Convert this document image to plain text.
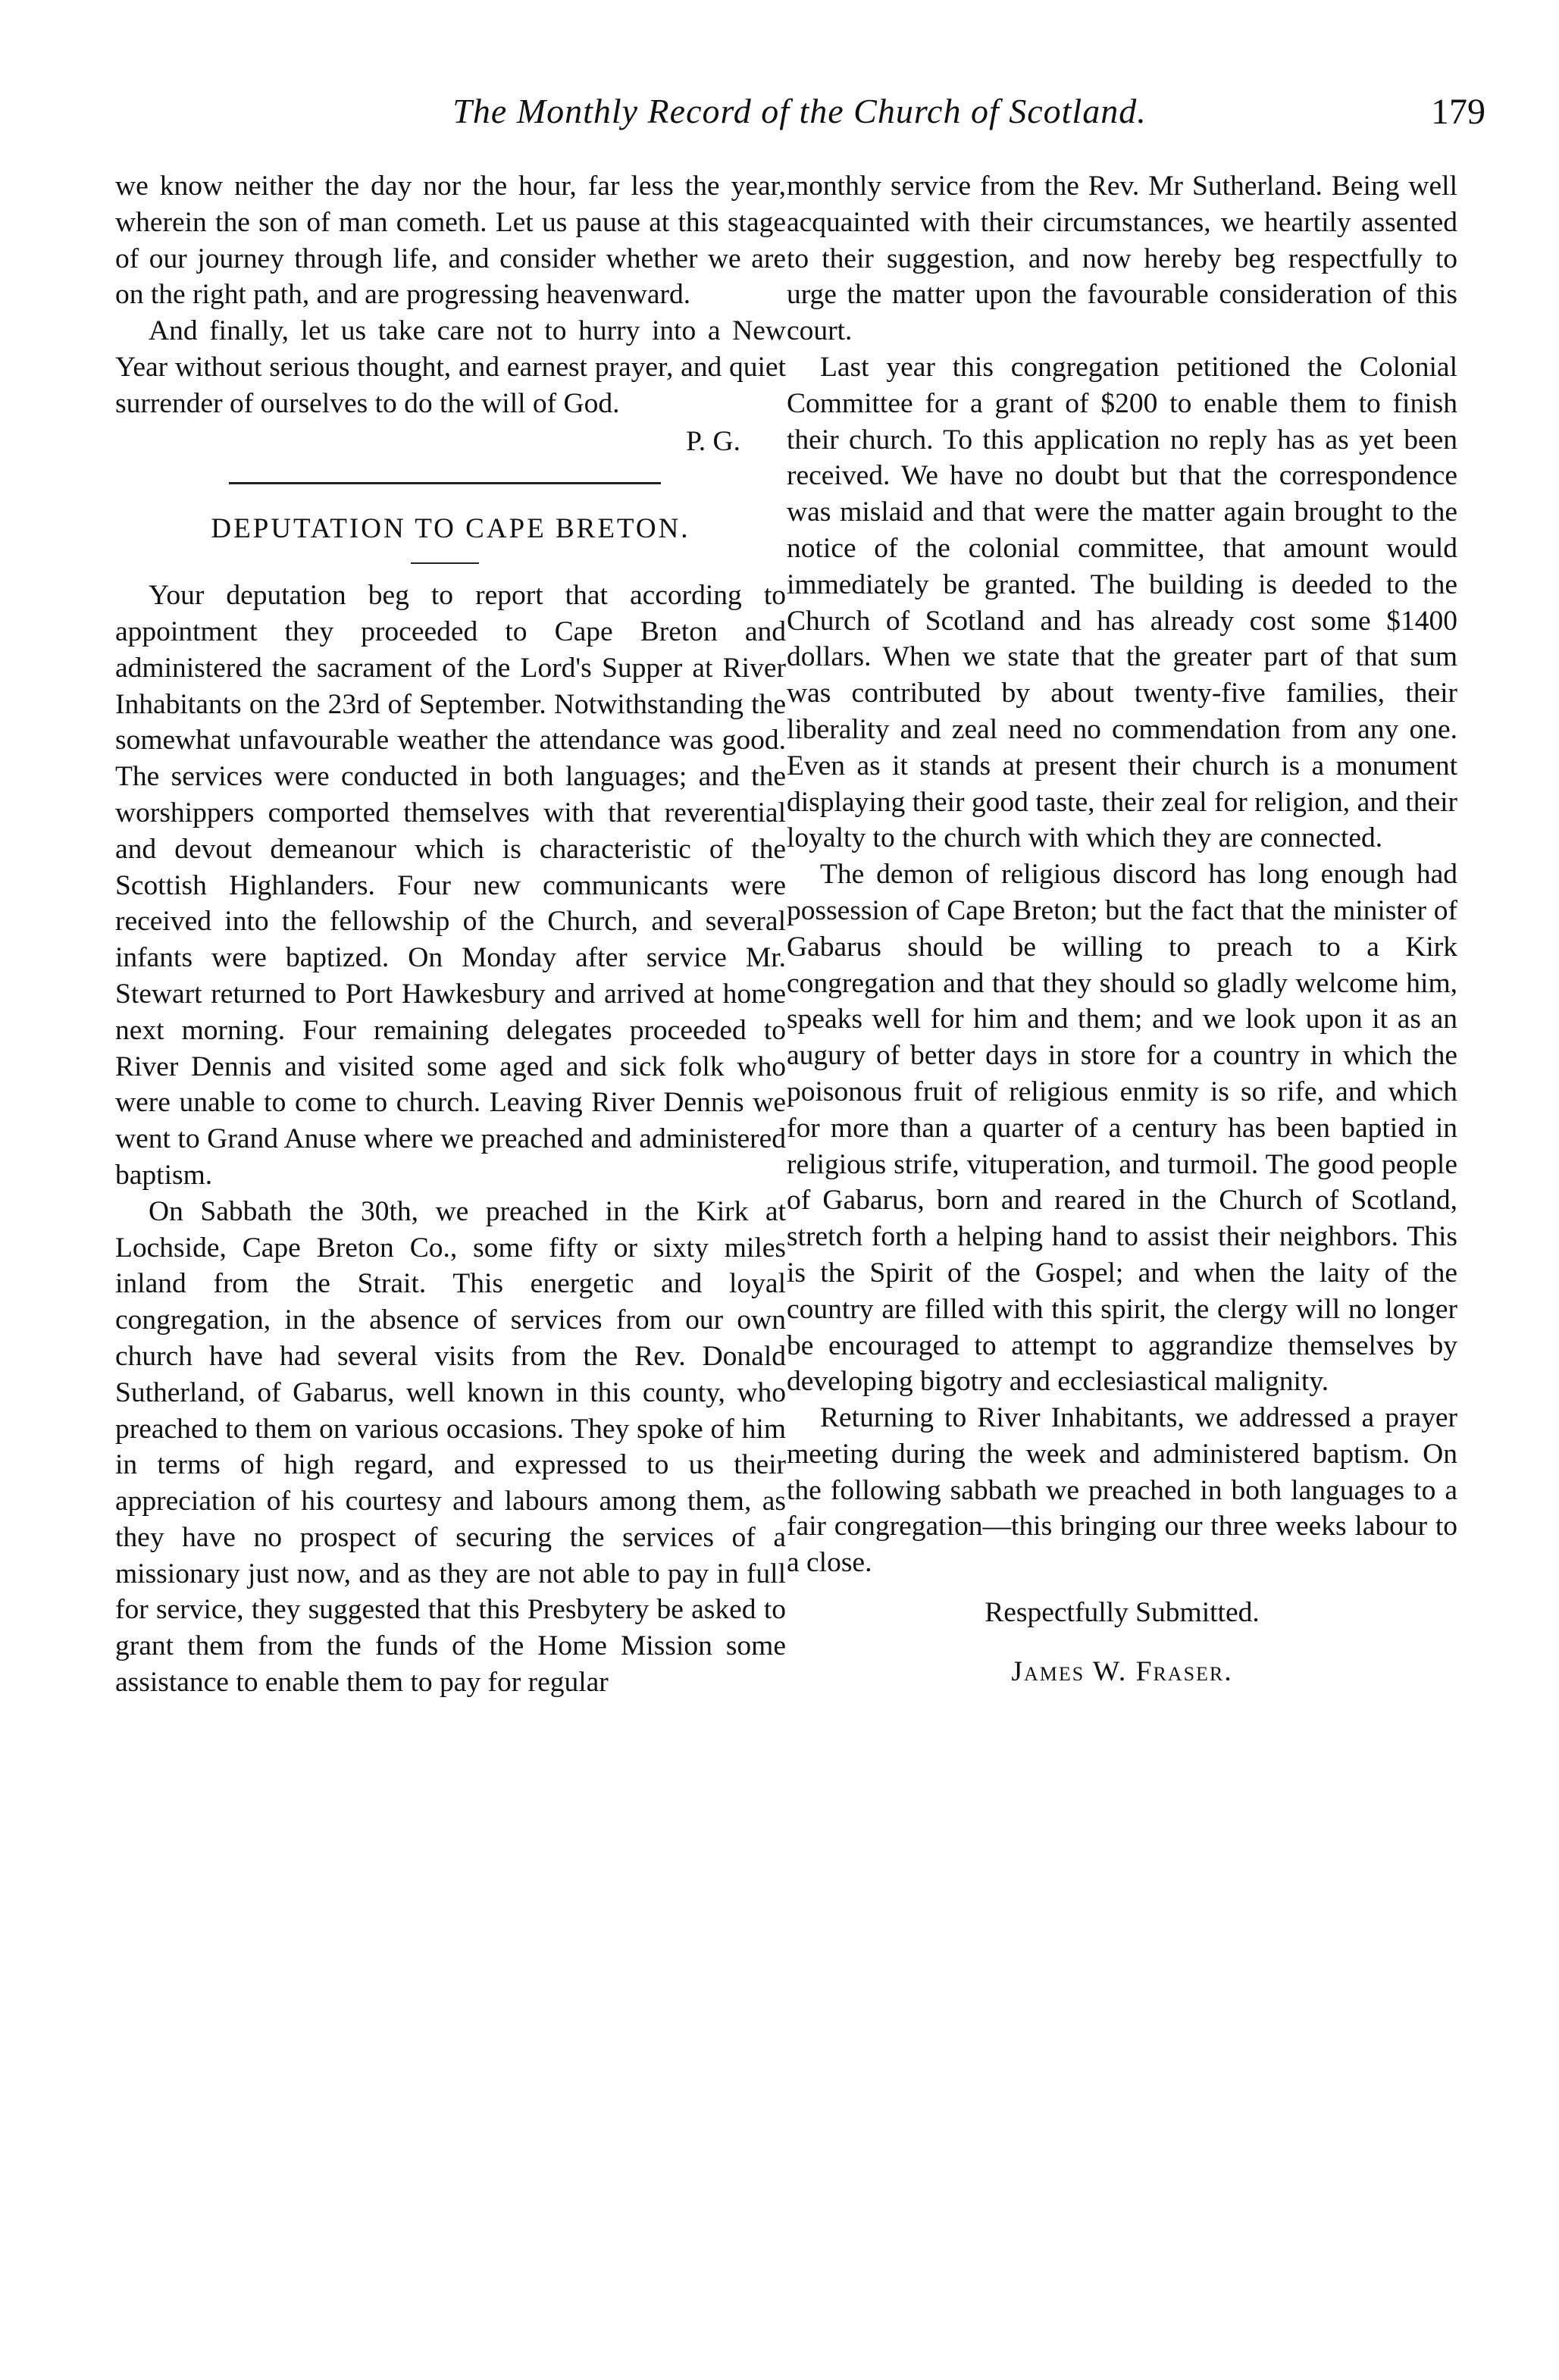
The Monthly Record of the Church of Scotland.	179

we know neither the day nor the hour, far less the year, wherein the son of man cometh. Let us pause at this stage of our journey through life, and consider whether we are on the right path, and are progressing heavenward.

And finally, let us take care not to hurry into a New Year without serious thought, and earnest prayer, and quiet surrender of ourselves to do the will of God.

P. G.
DEPUTATION TO CAPE BRETON.

Your deputation beg to report that according to appointment they proceeded to Cape Breton and administered the sacrament of the Lord's Supper at River Inhabitants on the 23rd of September. Notwithstanding the somewhat unfavourable weather the attendance was good. The services were conducted in both languages; and the worshippers comported themselves with that reverential and devout demeanour which is characteristic of the Scottish Highlanders. Four new communicants were received into the fellowship of the Church, and several infants were baptized. On Monday after service Mr. Stewart returned to Port Hawkesbury and arrived at home next morning. Four remaining delegates proceeded to River Dennis and visited some aged and sick folk who were unable to come to church. Leaving River Dennis we went to Grand Anuse where we preached and administered baptism.

On Sabbath the 30th, we preached in the Kirk at Lochside, Cape Breton Co., some fifty or sixty miles inland from the Strait. This energetic and loyal congregation, in the absence of services from our own church have had several visits from the Rev. Donald Sutherland, of Gabarus, well known in this county, who preached to them on various occasions. They spoke of him in terms of high regard, and expressed to us their appreciation of his courtesy and labours among them, as they have no prospect of securing the services of a missionary just now, and as they are not able to pay in full for service, they suggested that this Presbytery be asked to grant them from the funds of the Home Mission some assistance to enable them to pay for regular

monthly service from the Rev. Mr Sutherland. Being well acquainted with their circumstances, we heartily assented to their suggestion, and now hereby beg respectfully to urge the matter upon the favourable consideration of this court.

Last year this congregation petitioned the Colonial Committee for a grant of $200 to enable them to finish their church. To this application no reply has as yet been received. We have no doubt but that the correspondence was mislaid and that were the matter again brought to the notice of the colonial committee, that amount would immediately be granted. The building is deeded to the Church of Scotland and has already cost some $1400 dollars. When we state that the greater part of that sum was contributed by about twenty-five families, their liberality and zeal need no commendation from any one. Even as it stands at present their church is a monument displaying their good taste, their zeal for religion, and their loyalty to the church with which they are connected.

The demon of religious discord has long enough had possession of Cape Breton; but the fact that the minister of Gabarus should be willing to preach to a Kirk congregation and that they should so gladly welcome him, speaks well for him and them; and we look upon it as an augury of better days in store for a country in which the poisonous fruit of religious enmity is so rife, and which for more than a quarter of a century has been baptied in religious strife, vituperation, and turmoil. The good people of Gabarus, born and reared in the Church of Scotland, stretch forth a helping hand to assist their neighbors. This is the Spirit of the Gospel; and when the laity of the country are filled with this spirit, the clergy will no longer be encouraged to attempt to aggrandize themselves by developing bigotry and ecclesiastical malignity.

Returning to River Inhabitants, we addressed a prayer meeting during the week and administered baptism. On the following sabbath we preached in both languages to a fair congregation—this bringing our three weeks labour to a close.

Respectfully Submitted.
James W. Fraser.
